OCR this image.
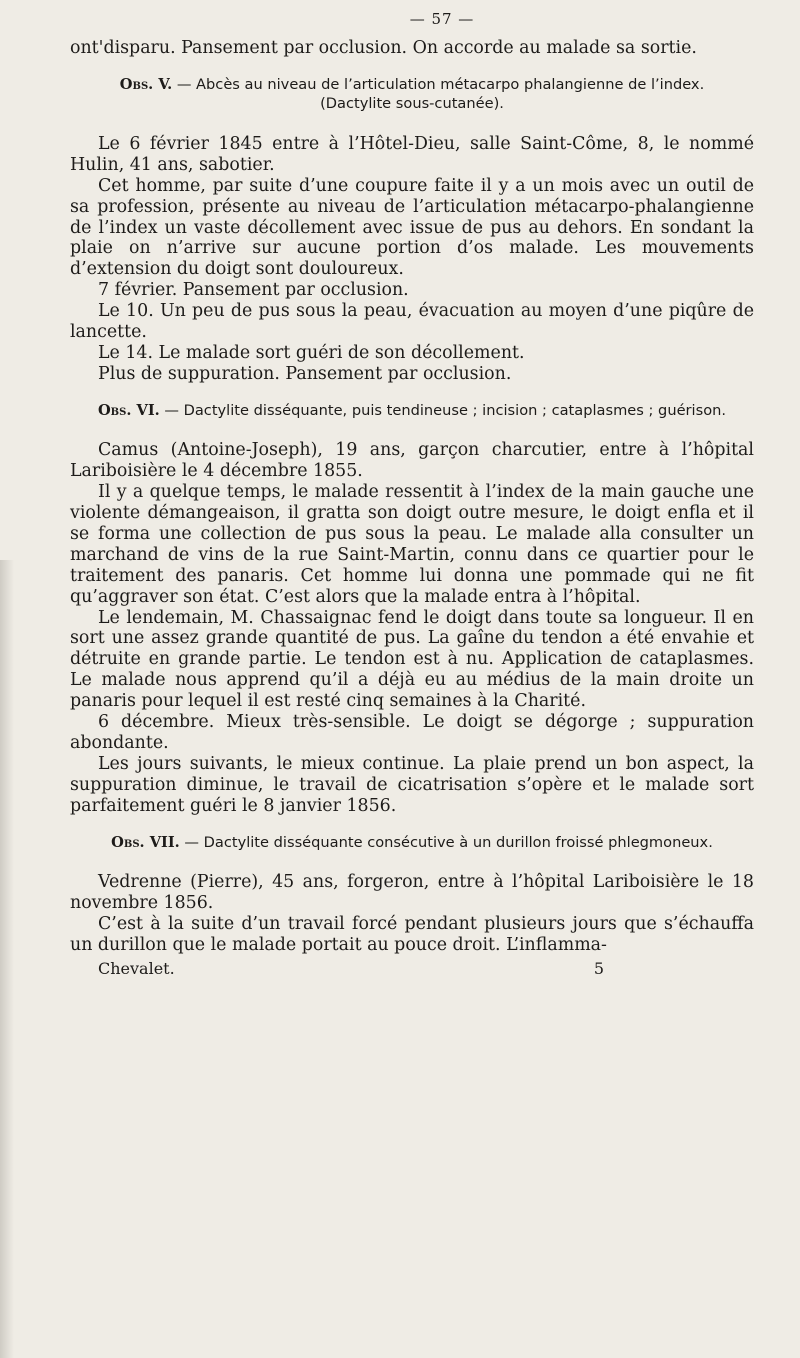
— 57 —

ont'disparu. Pansement par occlusion. On accorde au malade sa sortie.

Obs. V. — Abcès au niveau de l’articulation métacarpo phalangienne de l’index. (Dactylite sous-cutanée).

Le 6 février 1845 entre à l’Hôtel-Dieu, salle Saint-Côme, 8, le nommé Hulin, 41 ans, sabotier.

Cet homme, par suite d’une coupure faite il y a un mois avec un outil de sa profession, présente au niveau de l’articulation métacarpo-phalangienne de l’index un vaste décollement avec issue de pus au dehors. En sondant la plaie on n’arrive sur aucune portion d’os malade. Les mouvements d’extension du doigt sont douloureux.

7 février. Pansement par occlusion.

Le 10. Un peu de pus sous la peau, évacuation au moyen d’une piqûre de lancette.

Le 14. Le malade sort guéri de son décollement.

Plus de suppuration. Pansement par occlusion.

Obs. VI. — Dactylite disséquante, puis tendineuse ; incision ; cataplasmes ; guérison.

Camus (Antoine-Joseph), 19 ans, garçon charcutier, entre à l’hôpital Lariboisière le 4 décembre 1855.

Il y a quelque temps, le malade ressentit à l’index de la main gauche une violente démangeaison, il gratta son doigt outre mesure, le doigt enfla et il se forma une collection de pus sous la peau. Le malade alla consulter un marchand de vins de la rue Saint-Martin, connu dans ce quartier pour le traitement des panaris. Cet homme lui donna une pommade qui ne fit qu’aggraver son état. C’est alors que la malade entra à l’hôpital.

Le lendemain, M. Chassaignac fend le doigt dans toute sa longueur. Il en sort une assez grande quantité de pus. La gaîne du tendon a été envahie et détruite en grande partie. Le tendon est à nu. Application de cataplasmes. Le malade nous apprend qu’il a déjà eu au médius de la main droite un panaris pour lequel il est resté cinq semaines à la Charité.

6 décembre. Mieux très-sensible. Le doigt se dégorge ; suppuration abondante.

Les jours suivants, le mieux continue. La plaie prend un bon aspect, la suppuration diminue, le travail de cicatrisation s’opère et le malade sort parfaitement guéri le 8 janvier 1856.

Obs. VII. — Dactylite disséquante consécutive à un durillon froissé phlegmoneux.

Vedrenne (Pierre), 45 ans, forgeron, entre à l’hôpital Lariboisière le 18 novembre 1856.

C’est à la suite d’un travail forcé pendant plusieurs jours que s’échauffa un durillon que le malade portait au pouce droit. L’inflamma-

Chevalet.	5
